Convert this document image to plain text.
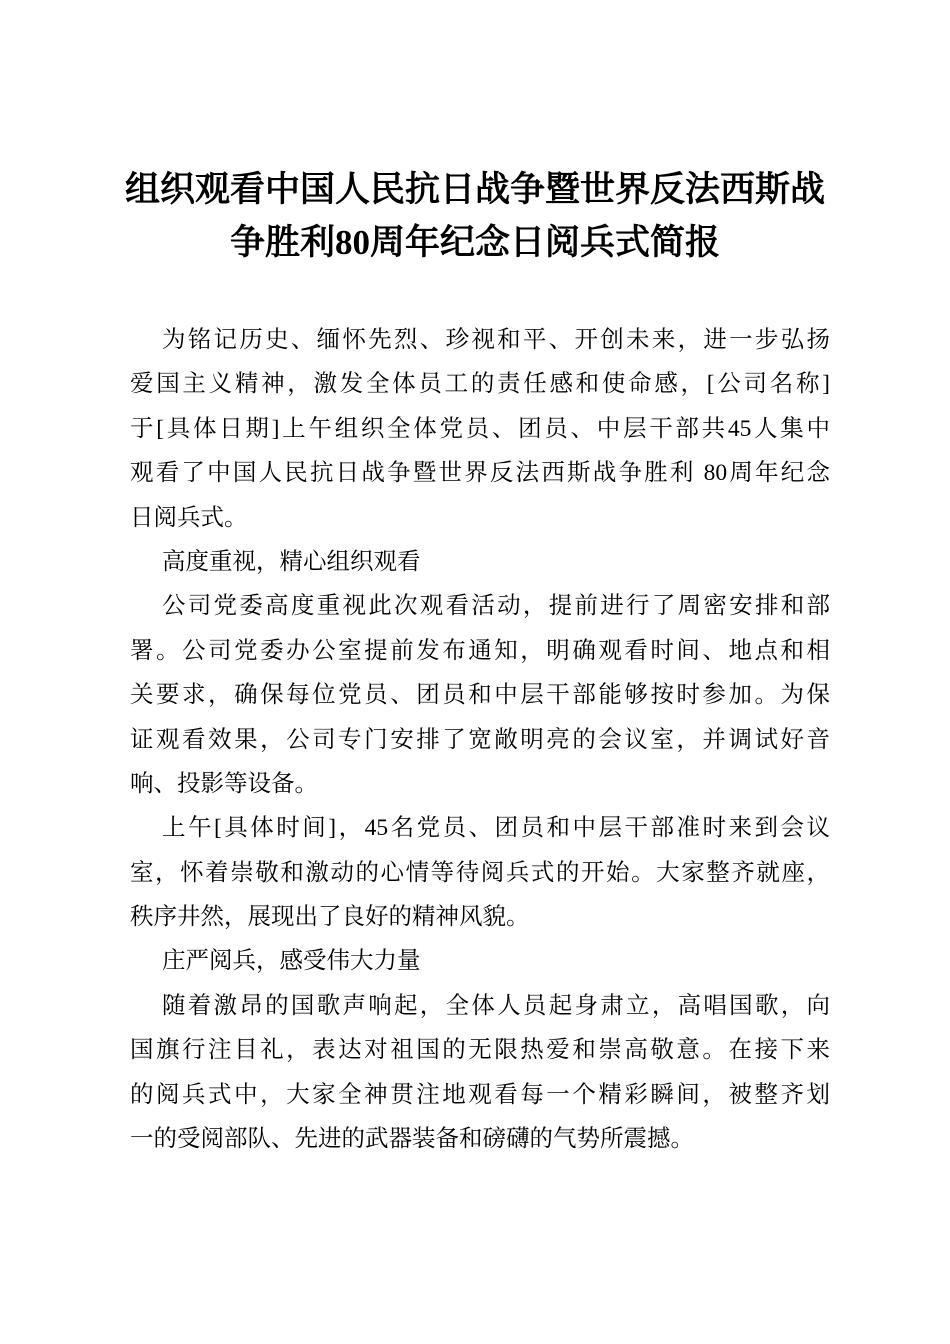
组织观看中国人民抗日战争暨世界反法西斯战
争胜利80周年纪念日阅兵式简报
为铭记历史、缅怀先烈、珍视和平、开创未来，进一步弘扬
爱国主义精神，激发全体员工的责任感和使命感，[公司名称]
于[具体日期]上午组织全体党员、团员、中层干部共45人集中
观看了中国人民抗日战争暨世界反法西斯战争胜利 80周年纪念
日阅兵式。
高度重视，精心组织观看
公司党委高度重视此次观看活动，提前进行了周密安排和部
署。公司党委办公室提前发布通知，明确观看时间、地点和相
关要求，确保每位党员、团员和中层干部能够按时参加。为保
证观看效果，公司专门安排了宽敞明亮的会议室，并调试好音
响、投影等设备。
上午[具体时间]，45名党员、团员和中层干部准时来到会议
室，怀着崇敬和激动的心情等待阅兵式的开始。大家整齐就座，
秩序井然，展现出了良好的精神风貌。
庄严阅兵，感受伟大力量
随着激昂的国歌声响起，全体人员起身肃立，高唱国歌，向
国旗行注目礼，表达对祖国的无限热爱和崇高敬意。在接下来
的阅兵式中，大家全神贯注地观看每一个精彩瞬间，被整齐划
一的受阅部队、先进的武器装备和磅礴的气势所震撼。
